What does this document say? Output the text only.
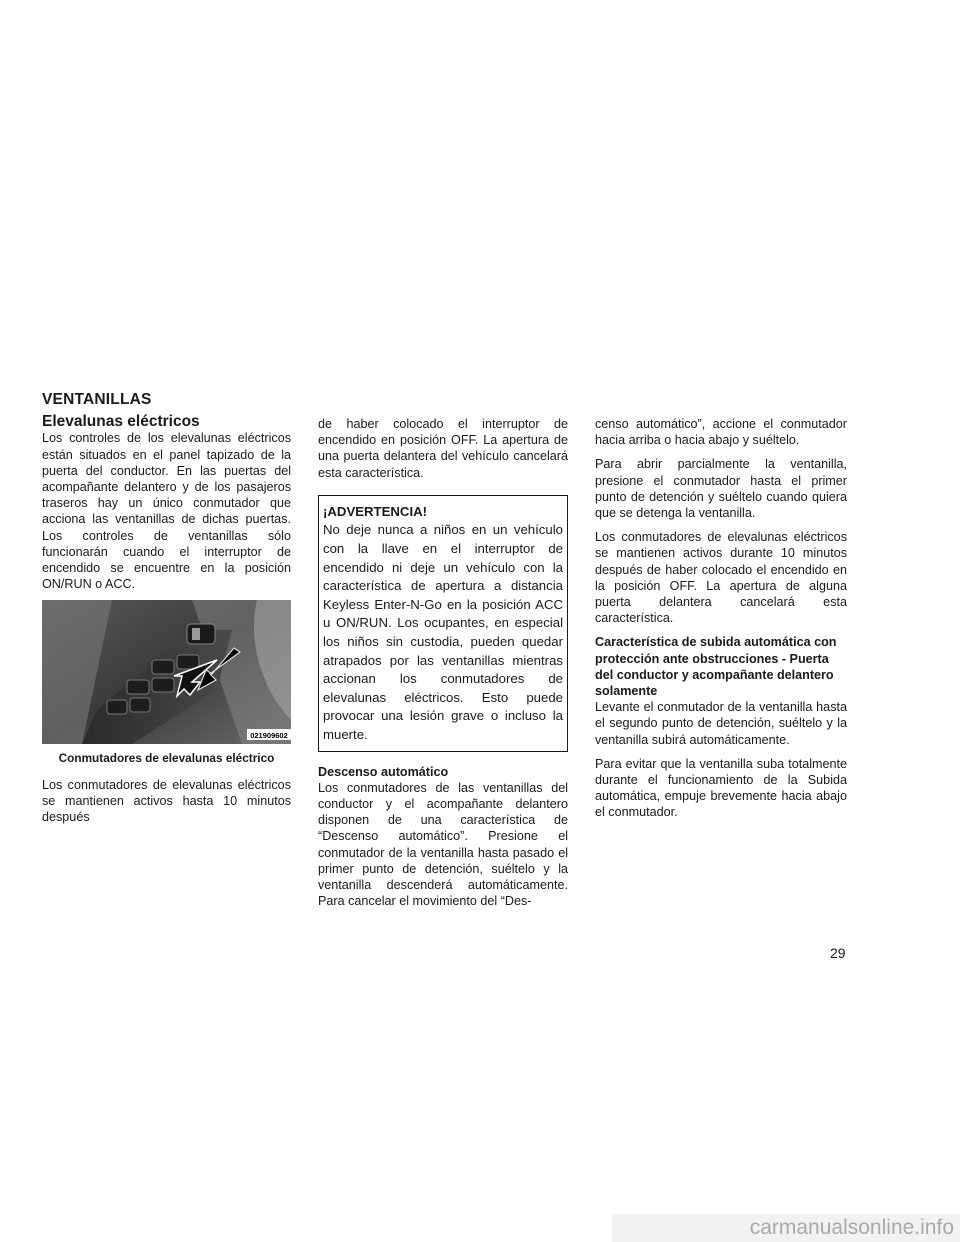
VENTANILLAS
Elevalunas eléctricos

Los controles de los elevalunas eléctricos están situados en el panel tapizado de la puerta del conductor. En las puertas del acompañante delantero y de los pasajeros traseros hay un único conmutador que acciona las ventanillas de dichas puertas. Los controles de ventanillas sólo funcionarán cuando el interruptor de encendido se encuentre en la posición ON/RUN o ACC.

021909602
Conmutadores de elevalunas eléctrico

Los conmutadores de elevalunas eléctricos se mantienen activos hasta 10 minutos después

de haber colocado el interruptor de encendido en posición OFF. La apertura de una puerta delantera del vehículo cancelará esta característica.

¡ADVERTENCIA!

No deje nunca a niños en un vehículo con la llave en el interruptor de encendido ni deje un vehículo con la característica de apertura a distancia Keyless Enter-N-Go en la posición ACC u ON/RUN. Los ocupantes, en especial los niños sin custodia, pueden quedar atrapados por las ventanillas mientras accionan los conmutadores de elevalunas eléctricos. Esto puede provocar una lesión grave o incluso la muerte.

Descenso automático

Los conmutadores de las ventanillas del conductor y el acompañante delantero disponen de una característica de “Descenso automático”. Presione el conmutador de la ventanilla hasta pasado el primer punto de detención, suéltelo y la ventanilla descenderá automáticamente. Para cancelar el movimiento del “Des-

censo automático”, accione el conmutador hacia arriba o hacia abajo y suéltelo.

Para abrir parcialmente la ventanilla, presione el conmutador hasta el primer punto de detención y suéltelo cuando quiera que se detenga la ventanilla.

Los conmutadores de elevalunas eléctricos se mantienen activos durante 10 minutos después de haber colocado el encendido en la posición OFF. La apertura de alguna puerta delantera cancelará esta característica.

Característica de subida automática con protección ante obstrucciones - Puerta del conductor y acompañante delantero solamente

Levante el conmutador de la ventanilla hasta el segundo punto de detención, suéltelo y la ventanilla subirá automáticamente.

Para evitar que la ventanilla suba totalmente durante el funcionamiento de la Subida automática, empuje brevemente hacia abajo el conmutador.

29
carmanualsonline.info
